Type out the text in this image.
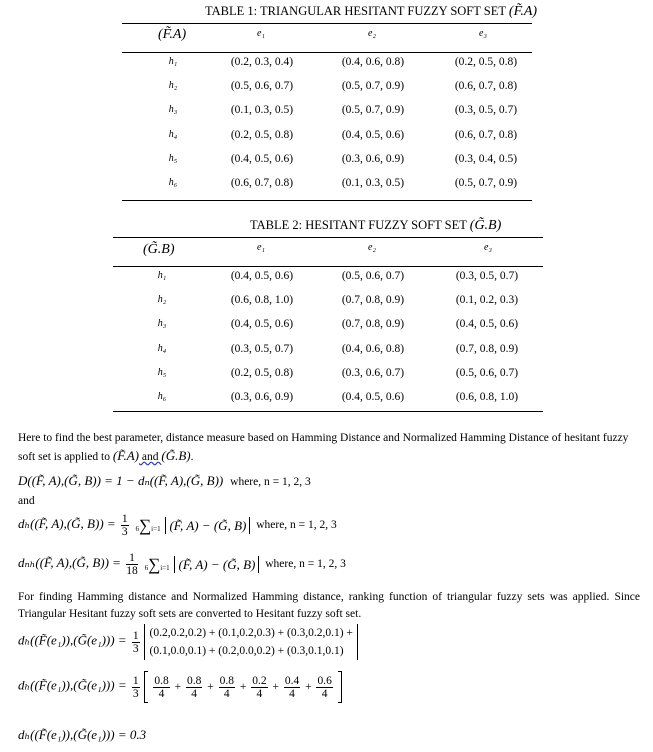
TABLE 1: TRIANGULAR HESITANT FUZZY SOFT SET (F̃.A)
(F̃.A)	e₁	e₂	e₃
h₁	(0.2, 0.3, 0.4)	(0.4, 0.6, 0.8)	(0.2, 0.5, 0.8)
h₂	(0.5, 0.6, 0.7)	(0.5, 0.7, 0.9)	(0.6, 0.7, 0.8)
h₃	(0.1, 0.3, 0.5)	(0.5, 0.7, 0.9)	(0.3, 0.5, 0.7)
h₄	(0.2, 0.5, 0.8)	(0.4, 0.5, 0.6)	(0.6, 0.7, 0.8)
h₅	(0.4, 0.5, 0.6)	(0.3, 0.6, 0.9)	(0.3, 0.4, 0.5)
h₆	(0.6, 0.7, 0.8)	(0.1, 0.3, 0.5)	(0.5, 0.7, 0.9)
TABLE 2: HESITANT FUZZY SOFT SET (G̃.B)
(G̃.B)	e₁	e₂	e₃
h₁	(0.4, 0.5, 0.6)	(0.5, 0.6, 0.7)	(0.3, 0.5, 0.7)
h₂	(0.6, 0.8, 1.0)	(0.7, 0.8, 0.9)	(0.1, 0.2, 0.3)
h₃	(0.4, 0.5, 0.6)	(0.7, 0.8, 0.9)	(0.4, 0.5, 0.6)
h₄	(0.3, 0.5, 0.7)	(0.4, 0.6, 0.8)	(0.7, 0.8, 0.9)
h₅	(0.2, 0.5, 0.8)	(0.3, 0.6, 0.7)	(0.5, 0.6, 0.7)
h₆	(0.3, 0.6, 0.9)	(0.4, 0.5, 0.6)	(0.6, 0.8, 1.0)
Here to find the best parameter, distance measure based on Hamming Distance and Normalized Hamming Distance of hesitant fuzzy soft set is applied to (F̃.A) and (G̃.B).
D((F̃, A),(G̃, B)) = 1 − dₙ((F̃, A),(G̃, B)) where, n = 1, 2, 3
and
dₕ((F̃, A),(G̃, $B)) = \frac{1}{3} 6\sum i=1$ (F̃, A) − (G̃, B) where, n = 1, 2, 3
dₙₕ((F̃, A),(G̃, $B)) = \frac{1}{18} 6\sum i=1$ (F̃, A) − (G̃, B) where, n = 1, 2, 3
For finding Hamming distance and Normalized Hamming distance, ranking function of triangular fuzzy sets was applied. Since Triangular Hesitant fuzzy soft sets are converted to Hesitant fuzzy soft set.
dₕ((F̃(e₁)),(G̃(e₁))) = $\frac{1}{3}$
(0.2,0.2,0.2) + (0.1,0.2,0.3) + (0.3,0.2,0.1) +
(0.1,0.0,0.1) + (0.2,0.0,0.2) + (0.3,0.1,0.1)
dₕ((F̃(e₁)),(G̃(e₁))) = $\frac{1}{3}$
$\frac{0.8}{4} + \frac{0.8}{4} + \frac{0.8}{4} + \frac{0.2}{4} + \frac{0.4}{4} + \frac{0.6}{4}$

dₕ((F̃(e₁)),(G̃(e₁))) = 0.3
